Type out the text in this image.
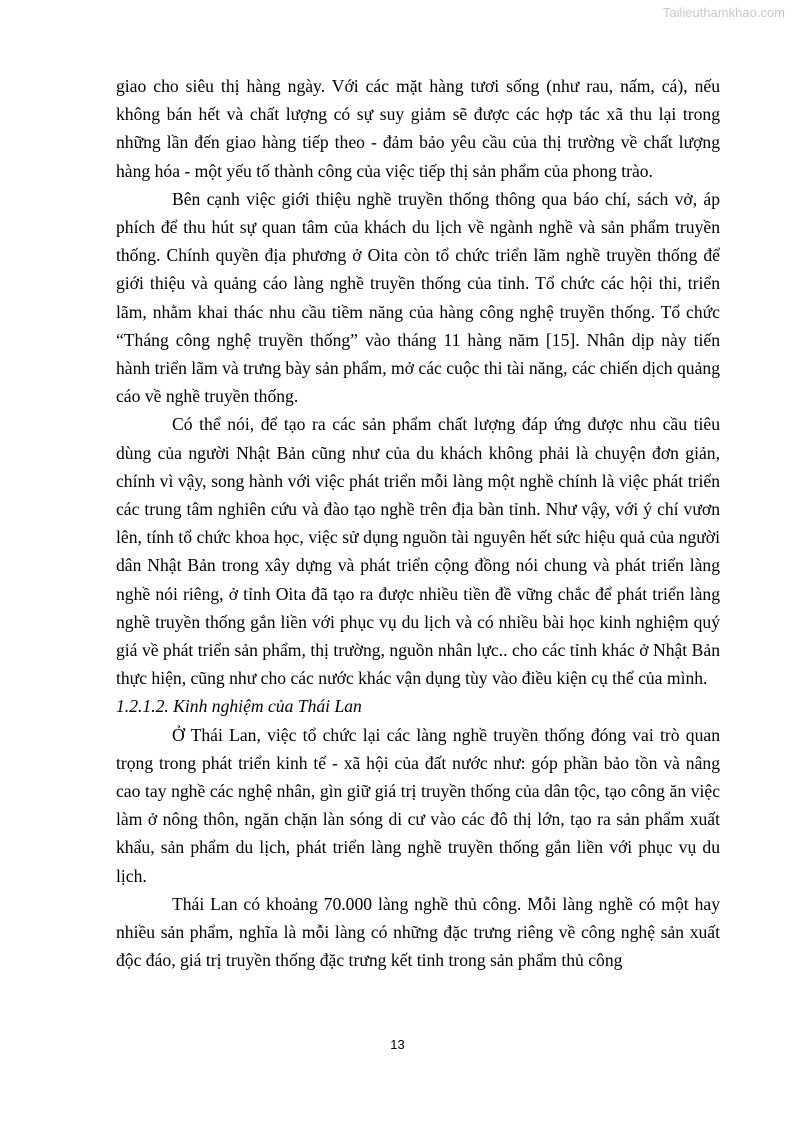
Tailieuthamkhao.com

giao cho siêu thị hàng ngày. Với các mặt hàng tươi sống (như rau, nấm, cá), nếu không bán hết và chất lượng có sự suy giảm sẽ được các hợp tác xã thu lại trong những lần đến giao hàng tiếp theo - đảm bảo yêu cầu của thị trường về chất lượng hàng hóa - một yếu tố thành công của việc tiếp thị sản phẩm của phong trào.

Bên cạnh việc giới thiệu nghề truyền thống thông qua báo chí, sách vở, áp phích để thu hút sự quan tâm của khách du lịch về ngành nghề và sản phẩm truyền thống. Chính quyền địa phương ở Oita còn tổ chức triển lãm nghề truyền thống để giới thiệu và quảng cáo làng nghề truyền thống của tỉnh. Tổ chức các hội thi, triển lãm, nhằm khai thác nhu cầu tiềm năng của hàng công nghệ truyền thống. Tổ chức “Tháng công nghệ truyền thống” vào tháng 11 hàng năm [15]. Nhân dịp này tiến hành triển lãm và trưng bày sản phẩm, mở các cuộc thi tài năng, các chiến dịch quảng cáo về nghề truyền thống.

Có thể nói, để tạo ra các sản phẩm chất lượng đáp ứng được nhu cầu tiêu dùng của người Nhật Bản cũng như của du khách không phải là chuyện đơn giản, chính vì vậy, song hành với việc phát triển mỗi làng một nghề chính là việc phát triển các trung tâm nghiên cứu và đào tạo nghề trên địa bàn tỉnh. Như vậy, với ý chí vươn lên, tính tổ chức khoa học, việc sử dụng nguồn tài nguyên hết sức hiệu quả của người dân Nhật Bản trong xây dựng và phát triển cộng đồng nói chung và phát triển làng nghề nói riêng, ở tỉnh Oita đã tạo ra được nhiều tiền đề vững chắc để phát triển làng nghề truyền thống gắn liền với phục vụ du lịch và có nhiều bài học kinh nghiệm quý giá về phát triển sản phẩm, thị trường, nguồn nhân lực.. cho các tỉnh khác ở Nhật Bản thực hiện, cũng như cho các nước khác vận dụng tùy vào điều kiện cụ thể của mình.

1.2.1.2. Kinh nghiệm của Thái Lan

Ở Thái Lan, việc tổ chức lại các làng nghề truyền thống đóng vai trò quan trọng trong phát triển kinh tế - xã hội của đất nước như: góp phần bảo tồn và nâng cao tay nghề các nghệ nhân, gìn giữ giá trị truyền thống của dân tộc, tạo công ăn việc làm ở nông thôn, ngăn chặn làn sóng di cư vào các đô thị lớn, tạo ra sản phẩm xuất khẩu, sản phẩm du lịch, phát triển làng nghề truyền thống gắn liền với phục vụ du lịch.

Thái Lan có khoảng 70.000 làng nghề thủ công. Mỗi làng nghề có một hay nhiều sản phẩm, nghĩa là mỗi làng có những đặc trưng riêng về công nghệ sản xuất độc đáo, giá trị truyền thống đặc trưng kết tinh trong sản phẩm thủ công

13
